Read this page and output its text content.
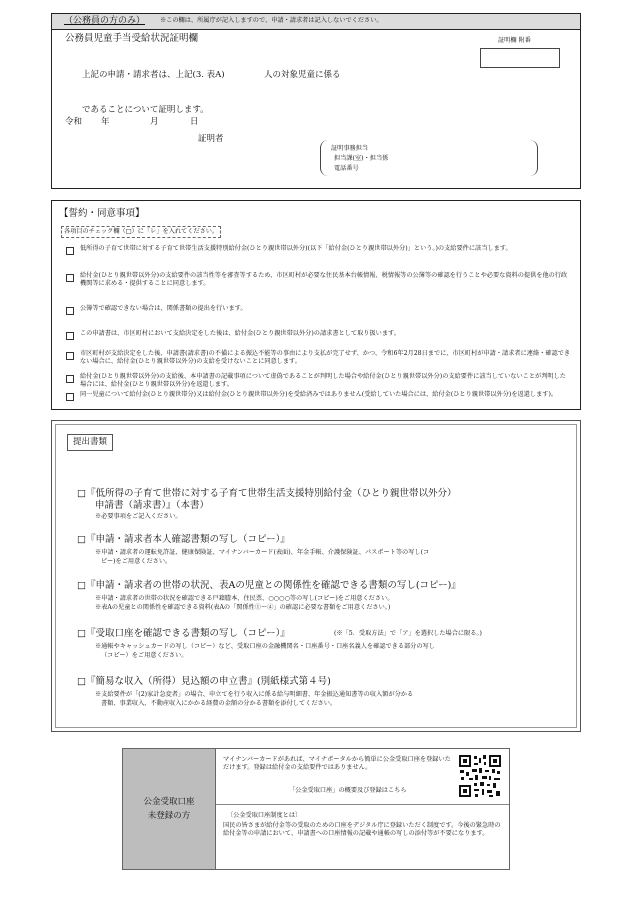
（公務員の方のみ） ※この欄は、所属庁が記入しますので、申請・請求者は記入しないでください。
公務員児童手当受給状況証明欄	証明欄 附番
上記の申請・請求者は、上記(3. 表A)	人の対象児童に係る
であることについて証明します。
令和 年	月	日
証明者
証明事務担当
担当課(室)・担当係
電話番号
【誓約・同意事項】
各項目のチェック欄（□）に「レ」を入れてください。
低所得の子育て世帯に対する子育て世帯生活支援特別給付金(ひとり親世帯以外分)(以下「給付金(ひとり親世帯以外分)」という。)の支給要件に該当します。
給付金(ひとり親世帯以外分)の支給要件の該当性等を審査等するため、市区町村が必要な住民基本台帳情報、税情報等の公簿等の確認を行うことや必要な資料の提供を他の行政機関等に求める・提供することに同意します。
公簿等で確認できない場合は、関係書類の提出を行います。
この申請書は、市区町村において支給決定をした後は、給付金(ひとり親世帯以外分)の請求書として取り扱います。
市区町村が支給決定をした後、申請書(請求書)の不備による振込不能等の事由により支払が完了せず、かつ、令和6年2月28日までに、市区町村が申請・請求者に連絡・確認できない場合に、給付金(ひとり親世帯以外分)の支給を受けないことに同意します。
給付金(ひとり親世帯以外分)の支給後、本申請書の記載事項について虚偽であることが判明した場合や給付金(ひとり親世帯以外分)の支給要件に該当していないことが判明した場合には、給付金(ひとり親世帯以外分)を返還します。
同一児童について給付金(ひとり親世帯分)又は給付金(ひとり親世帯以外分)を受給済みではありません(受給していた場合には、給付金(ひとり親世帯以外分)を返還します)。
提出書類
□『低所得の子育て世帯に対する子育て世帯生活支援特別給付金（ひとり親世帯以外分）
申請書（請求書）』（本書）
※必要事項をご記入ください。
□『申請・請求者本人確認書類の写し（コピー）』
※申請・請求者の運転免許証、健康保険証、マイナンバーカード(表面)、年金手帳、介護保険証、パスポート等の写し(コ
ピー)をご用意ください。
□『申請・請求者の世帯の状況、表Aの児童との関係性を確認できる書類の写し(コピー)』
※申請・請求者の世帯の状況を確認できる戸籍謄本、住民票、○○○○等の写し(コピー)をご用意ください。
※表Aの児童との関係性を確認できる資料(表Aの「関係性①～④」の確認に必要な書類をご用意ください。)
□『受取口座を確認できる書類の写し（コピー）』	(※「5．受取方法」で「ア」を選択した場合に限る。)
※通帳やキャッシュカードの写し（コピー）など、受取口座の金融機関名・口座番号・口座名義人を確認できる部分の写し
（コピー）をご用意ください。
□『簡易な収入（所得）見込額の申立書』(別紙様式第４号)
※支給要件が「(2)家計急変者」の場合、申立てを行う収入に係る給与明細書、年金振込通知書等の収入額が分かる
書類、事業収入、不動産収入にかかる経費の金額の分かる書類を添付してください。
公金受取口座
未登録の方
マイナンバーカードがあれば、マイナポータルから簡単に公金受取口座を登録いただけます。登録は給付金の支給要件ではありません。
「公金受取口座」の概要及び登録はこちら
〔公金受取口座制度とは〕
国民の皆さまが給付金等の受取のための口座をデジタル庁に登録いただく制度です。今後の緊急時の給付金等の申請において、申請書への口座情報の記載や通帳の写しの添付等が不要になります。
